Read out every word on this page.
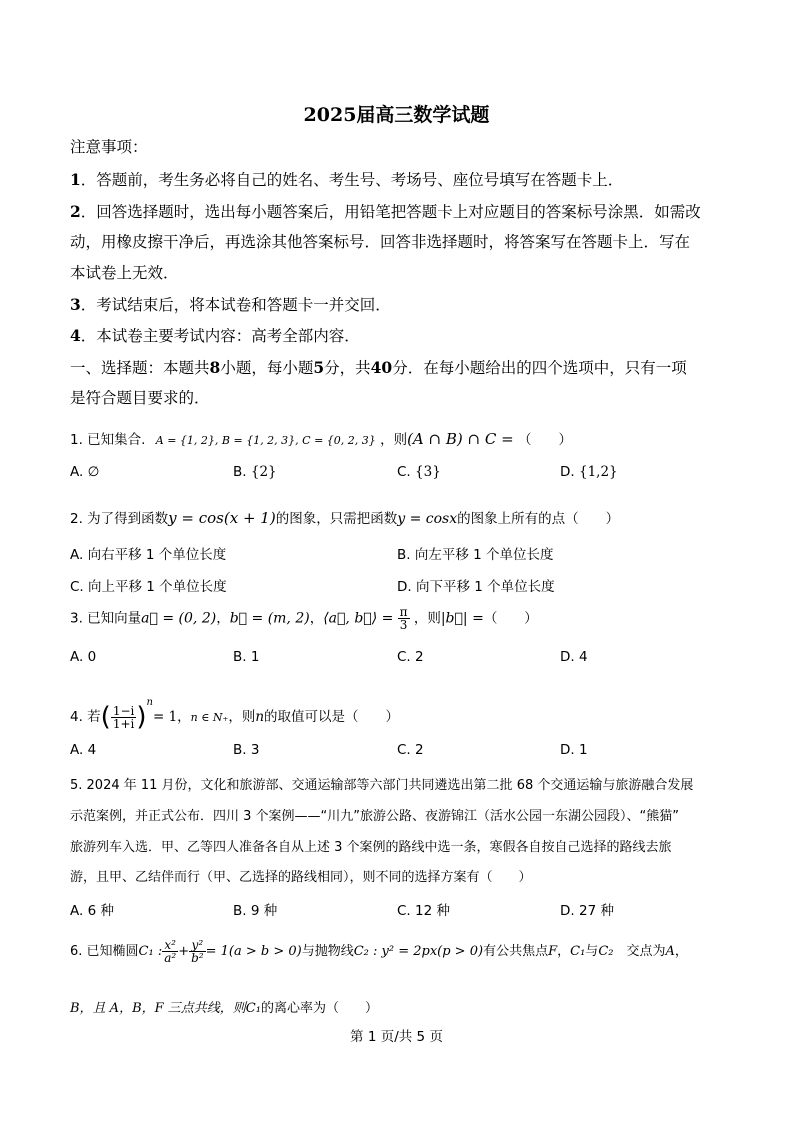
2025届高三数学试题
注意事项：
1．答题前，考生务必将自己的姓名、考生号、考场号、座位号填写在答题卡上．
2．回答选择题时，选出每小题答案后，用铅笔把答题卡上对应题目的答案标号涂黑．如需改
动，用橡皮擦干净后，再选涂其他答案标号．回答非选择题时，将答案写在答题卡上．写在
本试卷上无效．
3．考试结束后，将本试卷和答题卡一并交回．
4．本试卷主要考试内容：高考全部内容．
一、选择题：本题共8小题，每小题5分，共40分．在每小题给出的四个选项中，只有一项
是符合题目要求的．
1. 已知集合. A = {1, 2}, B = {1, 2, 3}, C = {0, 2, 3} ，则(A ∩ B) ∩ C = （　　）
A. ∅	B. {2}	C. {3}	D. {1,2}
2. 为了得到函数y = cos(x + 1)的图象，只需把函数y = cosx的图象上所有的点（　　）
A. 向右平移 1 个单位长度	B. 向左平移 1 个单位长度
C. 向上平移 1 个单位长度	D. 向下平移 1 个单位长度
3. 已知向量a⃗ = (0, 2)，b⃗ = (m, 2)，⟨a⃗, b⃗⟩ = $\frac{\pi}{3}$ ，则|b⃗| =（　　）
A. 0	B. 1	C. 2	D. 4
4. 若( $\frac{1-i}{1+i} )^n= 1$，n ∈ N₊，则n的取值可以是（　　）
A. 4	B. 3	C. 2	D. 1
5. 2024 年 11 月份，文化和旅游部、交通运输部等六部门共同遴选出第二批 68 个交通运输与旅游融合发展
示范案例，并正式公布．四川 3 个案例——“川九”旅游公路、夜游锦江（活水公园一东湖公园段）、“熊猫”
旅游列车入选．甲、乙等四人准备各自从上述 3 个案例的路线中选一条，寒假各自按自己选择的路线去旅
游，且甲、乙结伴而行（甲、乙选择的路线相同），则不同的选择方案有（　　）
A. 6 种	B. 9 种	C. 12 种	D. 27 种
6. 已知椭圆C₁ : $\frac{\text{x²}}{\text{a²}} + \frac{\text{y²}}{\text{b²}} = 1(a > b > 0)$与抛物线C₂ : y² = 2px(p > 0)有公共焦点F，C₁与C₂　交点为A，
B，且 A，B，F 三点共线，则C₁的离心率为（　　）
第 1 页/共 5 页
